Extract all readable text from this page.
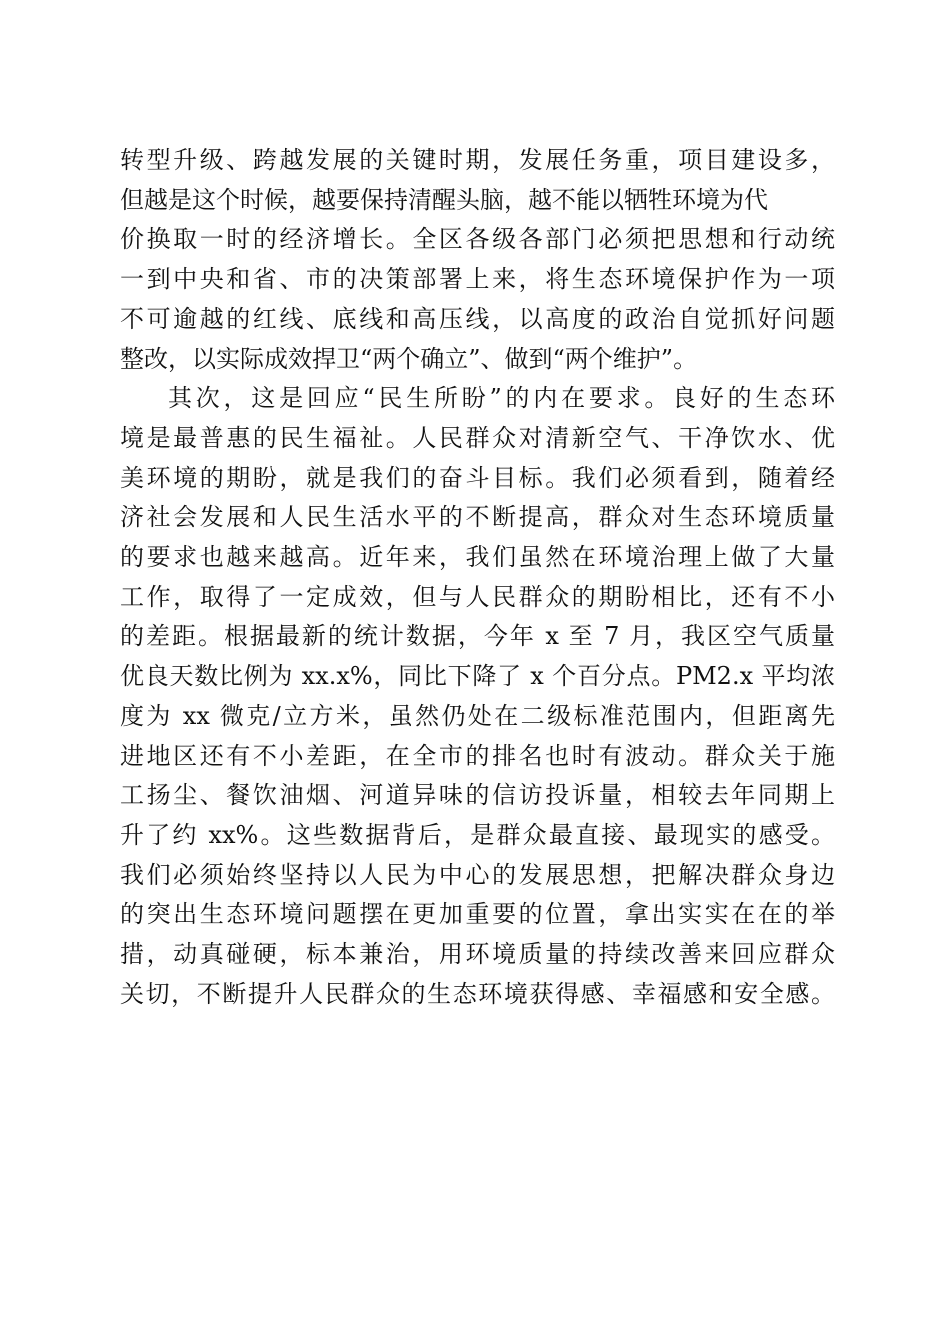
转型升级、跨越发展的关键时期，发展任务重，项目建设多，
但越是这个时候，越要保持清醒头脑，越不能以牺牲环境为代
价换取一时的经济增长。全区各级各部门必须把思想和行动统
一到中央和省、市的决策部署上来，将生态环境保护作为一项
不可逾越的红线、底线和高压线，以高度的政治自觉抓好问题
整改，以实际成效捍卫“两个确立”、做到“两个维护”。
其次，这是回应“民生所盼”的内在要求。良好的生态环
境是最普惠的民生福祉。人民群众对清新空气、干净饮水、优
美环境的期盼，就是我们的奋斗目标。我们必须看到，随着经
济社会发展和人民生活水平的不断提高，群众对生态环境质量
的要求也越来越高。近年来，我们虽然在环境治理上做了大量
工作，取得了一定成效，但与人民群众的期盼相比，还有不小
的差距。根据最新的统计数据，今年 x 至 7 月，我区空气质量
优良天数比例为 xx.x%，同比下降了 x 个百分点。PM2.x 平均浓
度为 xx 微克/立方米，虽然仍处在二级标准范围内，但距离先
进地区还有不小差距，在全市的排名也时有波动。群众关于施
工扬尘、餐饮油烟、河道异味的信访投诉量，相较去年同期上
升了约 xx%。这些数据背后，是群众最直接、最现实的感受。
我们必须始终坚持以人民为中心的发展思想，把解决群众身边
的突出生态环境问题摆在更加重要的位置，拿出实实在在的举
措，动真碰硬，标本兼治，用环境质量的持续改善来回应群众
关切，不断提升人民群众的生态环境获得感、幸福感和安全感。
